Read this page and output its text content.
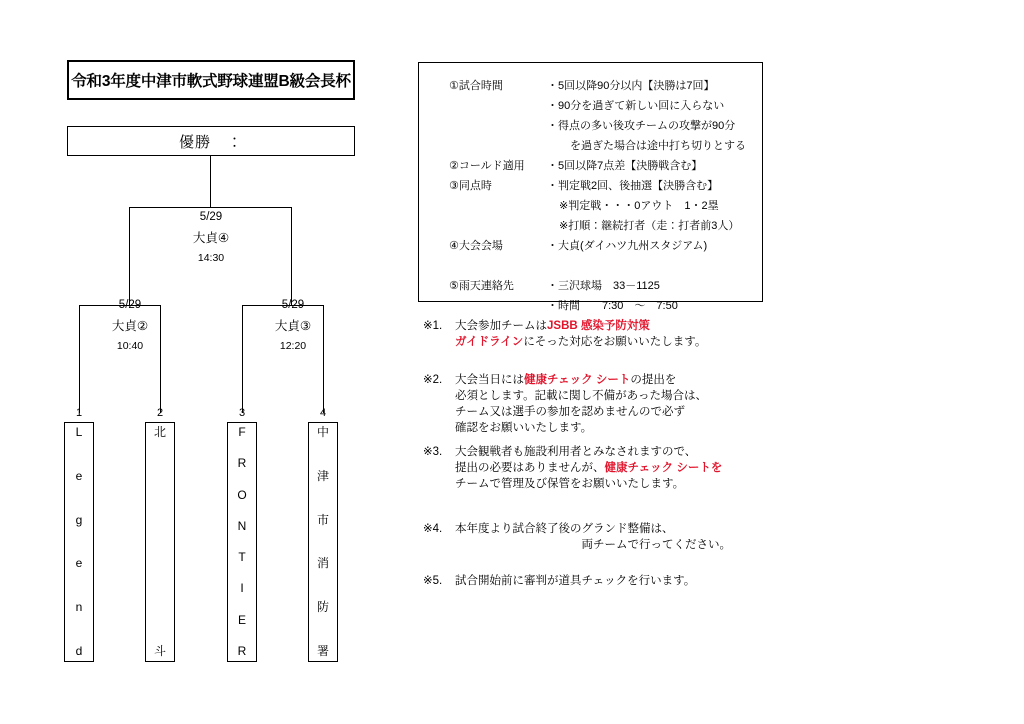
令和3年度中津市軟式野球連盟B級会長杯
優勝　：
5/29
大貞④
14:30
5/29
大貞②
10:40
5/29
大貞③
12:20
1
L
e
g
e
n
d
2
北
斗
3
F
R
O
N
T
I
E
R
4
中
津
市
消
防
署
①試合時間	・5回以降90分以内【決勝は7回】
・90分を過ぎて新しい回に入らない
・得点の多い後攻チームの攻撃が90分
　を過ぎた場合は途中打ち切りとする
②コールド適用 ・5回以降7点差【決勝戦含む】
③同点時	・判定戦2回、後抽選【決勝含む】
※判定戦・・・0アウト　1・2塁
※打順：継続打者（走：打者前3人）
④大会会場	・大貞(ダイハツ九州スタジアム)
⑤雨天連絡先	・三沢球場　33－1125
・時間　　7:30　～　7:50
※1. 大会参加チームはJSBB 感染予防対策
ガイドラインにそった対応をお願いいたします。
※2. 大会当日には健康チェック シートの提出を
必須とします。記載に関し不備があった場合は、
チーム又は選手の参加を認めませんので必ず
確認をお願いいたします。
※3. 大会観戦者も施設利用者とみなされますので、
提出の必要はありませんが、健康チェック シートを
チームで管理及び保管をお願いいたします。
※4. 本年度より試合終了後のグランド整備は、
　　　　　　　　　　　両チームで行ってください。
※5. 試合開始前に審判が道具チェックを行います。
